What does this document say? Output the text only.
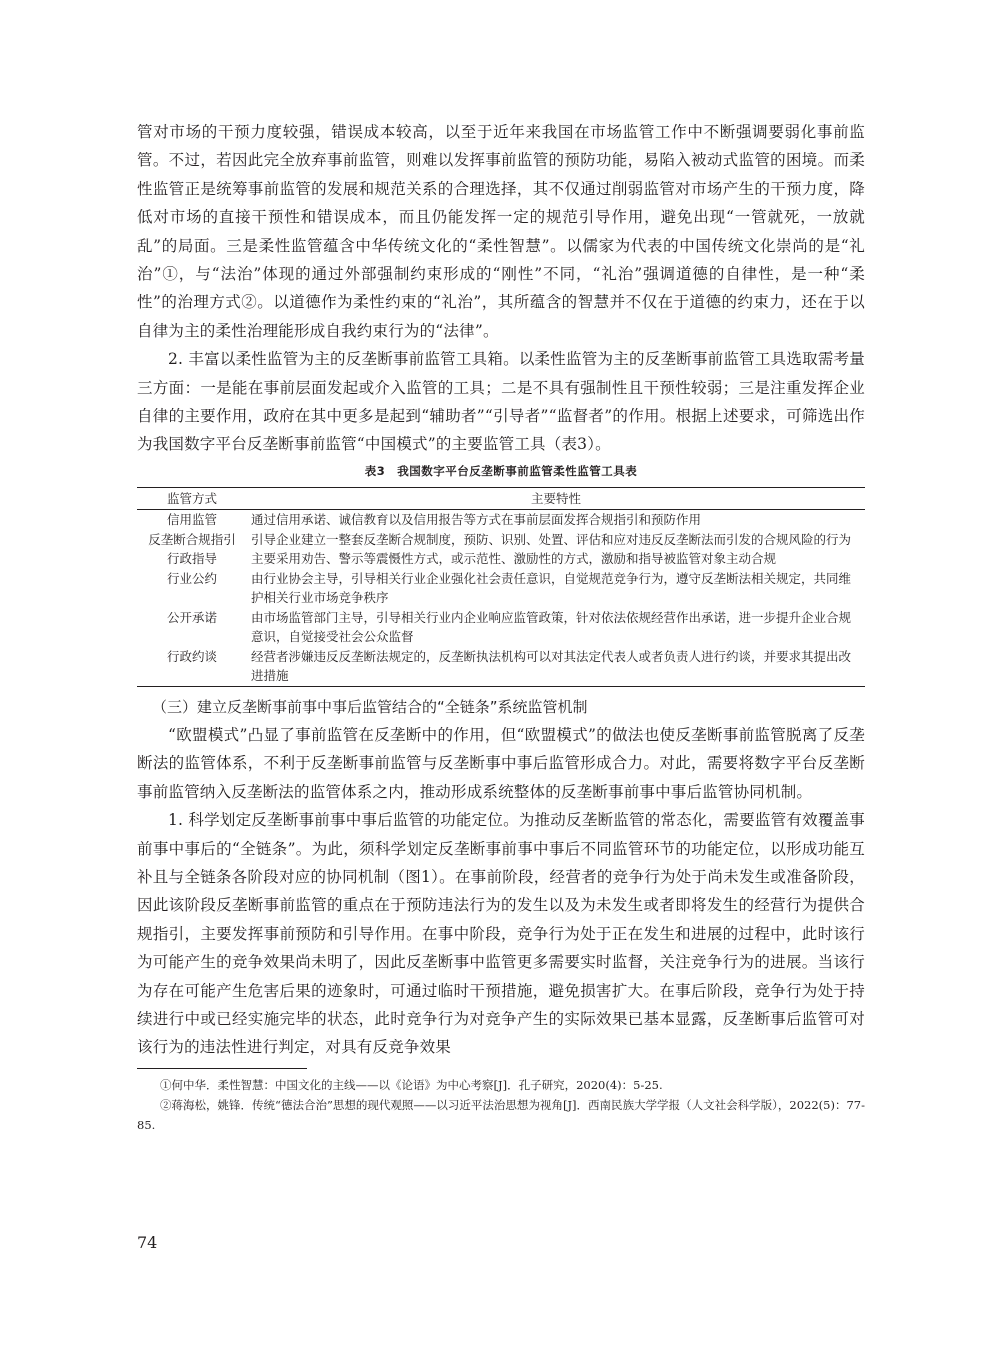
管对市场的干预力度较强，错误成本较高，以至于近年来我国在市场监管工作中不断强调要弱化事前监管。不过，若因此完全放弃事前监管，则难以发挥事前监管的预防功能，易陷入被动式监管的困境。而柔性监管正是统筹事前监管的发展和规范关系的合理选择，其不仅通过削弱监管对市场产生的干预力度，降低对市场的直接干预性和错误成本，而且仍能发挥一定的规范引导作用，避免出现“一管就死，一放就乱”的局面。三是柔性监管蕴含中华传统文化的“柔性智慧”。以儒家为代表的中国传统文化崇尚的是“礼治”①，与“法治”体现的通过外部强制约束形成的“刚性”不同，“礼治”强调道德的自律性，是一种“柔性”的治理方式②。以道德作为柔性约束的“礼治”，其所蕴含的智慧并不仅在于道德的约束力，还在于以自律为主的柔性治理能形成自我约束行为的“法律”。

2. 丰富以柔性监管为主的反垄断事前监管工具箱。以柔性监管为主的反垄断事前监管工具选取需考量三方面：一是能在事前层面发起或介入监管的工具；二是不具有强制性且干预性较弱；三是注重发挥企业自律的主要作用，政府在其中更多是起到“辅助者”“引导者”“监督者”的作用。根据上述要求，可筛选出作为我国数字平台反垄断事前监管“中国模式”的主要监管工具（表3）。

表3　我国数字平台反垄断事前监管柔性监管工具表
监管方式	主要特性
信用监管	通过信用承诺、诚信教育以及信用报告等方式在事前层面发挥合规指引和预防作用
反垄断合规指引	引导企业建立一整套反垄断合规制度，预防、识别、处置、评估和应对违反反垄断法而引发的合规风险的行为
行政指导	主要采用劝告、警示等震慑性方式，或示范性、激励性的方式，激励和指导被监管对象主动合规
行业公约	由行业协会主导，引导相关行业企业强化社会责任意识，自觉规范竞争行为，遵守反垄断法相关规定，共同维护相关行业市场竞争秩序
公开承诺	由市场监管部门主导，引导相关行业内企业响应监管政策，针对依法依规经营作出承诺，进一步提升企业合规意识，自觉接受社会公众监督
行政约谈	经营者涉嫌违反反垄断法规定的，反垄断执法机构可以对其法定代表人或者负责人进行约谈，并要求其提出改进措施
（三）建立反垄断事前事中事后监管结合的“全链条”系统监管机制

“欧盟模式”凸显了事前监管在反垄断中的作用，但“欧盟模式”的做法也使反垄断事前监管脱离了反垄断法的监管体系，不利于反垄断事前监管与反垄断事中事后监管形成合力。对此，需要将数字平台反垄断事前监管纳入反垄断法的监管体系之内，推动形成系统整体的反垄断事前事中事后监管协同机制。

1. 科学划定反垄断事前事中事后监管的功能定位。为推动反垄断监管的常态化，需要监管有效覆盖事前事中事后的“全链条”。为此，须科学划定反垄断事前事中事后不同监管环节的功能定位，以形成功能互补且与全链条各阶段对应的协同机制（图1）。在事前阶段，经营者的竞争行为处于尚未发生或准备阶段，因此该阶段反垄断事前监管的重点在于预防违法行为的发生以及为未发生或者即将发生的经营行为提供合规指引，主要发挥事前预防和引导作用。在事中阶段，竞争行为处于正在发生和进展的过程中，此时该行为可能产生的竞争效果尚未明了，因此反垄断事中监管更多需要实时监督，关注竞争行为的进展。当该行为存在可能产生危害后果的迹象时，可通过临时干预措施，避免损害扩大。在事后阶段，竞争行为处于持续进行中或已经实施完毕的状态，此时竞争行为对竞争产生的实际效果已基本显露，反垄断事后监管可对该行为的违法性进行判定，对具有反竞争效果

①何中华．柔性智慧：中国文化的主线——以《论语》为中心考察[J]．孔子研究，2020(4)：5-25.

②蒋海松，姚锋．传统“德法合治”思想的现代观照——以习近平法治思想为视角[J]．西南民族大学学报（人文社会科学版），2022(5)：77-85.

74
